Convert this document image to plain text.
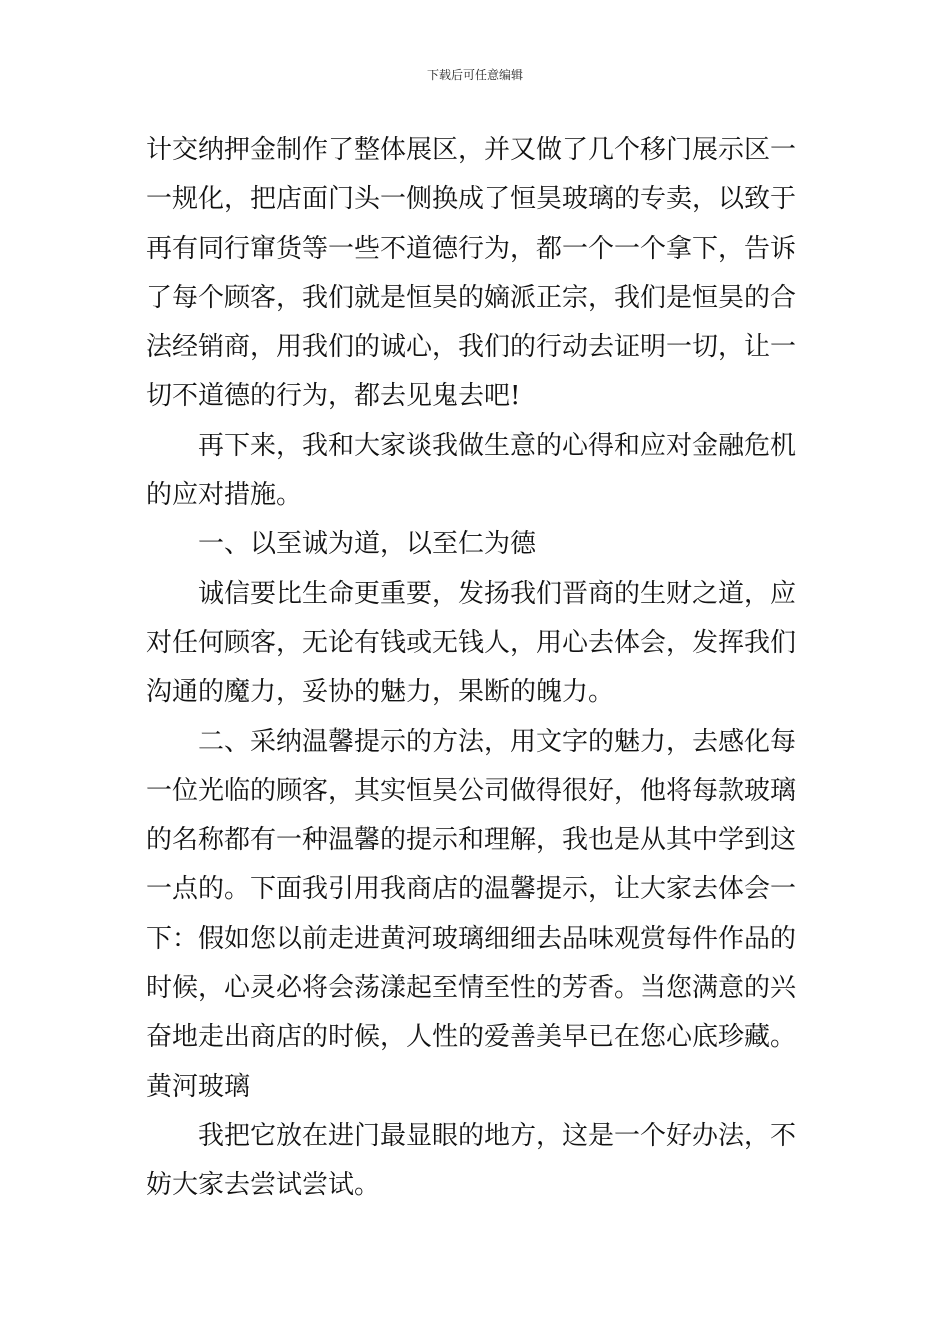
下载后可任意编辑
计交纳押金制作了整体展区，并又做了几个移门展示区一
一规化，把店面门头一侧换成了恒昊玻璃的专卖，以致于
再有同行窜货等一些不道德行为，都一个一个拿下，告诉
了每个顾客，我们就是恒昊的嫡派正宗，我们是恒昊的合
法经销商，用我们的诚心，我们的行动去证明一切，让一
切不道德的行为，都去见鬼去吧!
再下来，我和大家谈我做生意的心得和应对金融危机
的应对措施。
一、以至诚为道，以至仁为德
诚信要比生命更重要，发扬我们晋商的生财之道，应
对任何顾客，无论有钱或无钱人，用心去体会，发挥我们
沟通的魔力，妥协的魅力，果断的魄力。
二、采纳温馨提示的方法，用文字的魅力，去感化每
一位光临的顾客，其实恒昊公司做得很好，他将每款玻璃
的名称都有一种温馨的提示和理解，我也是从其中学到这
一点的。下面我引用我商店的温馨提示，让大家去体会一
下：假如您以前走进黄河玻璃细细去品味观赏每件作品的
时候，心灵必将会荡漾起至情至性的芳香。当您满意的兴
奋地走出商店的时候，人性的爱善美早已在您心底珍藏。
黄河玻璃
我把它放在进门最显眼的地方，这是一个好办法，不
妨大家去尝试尝试。
